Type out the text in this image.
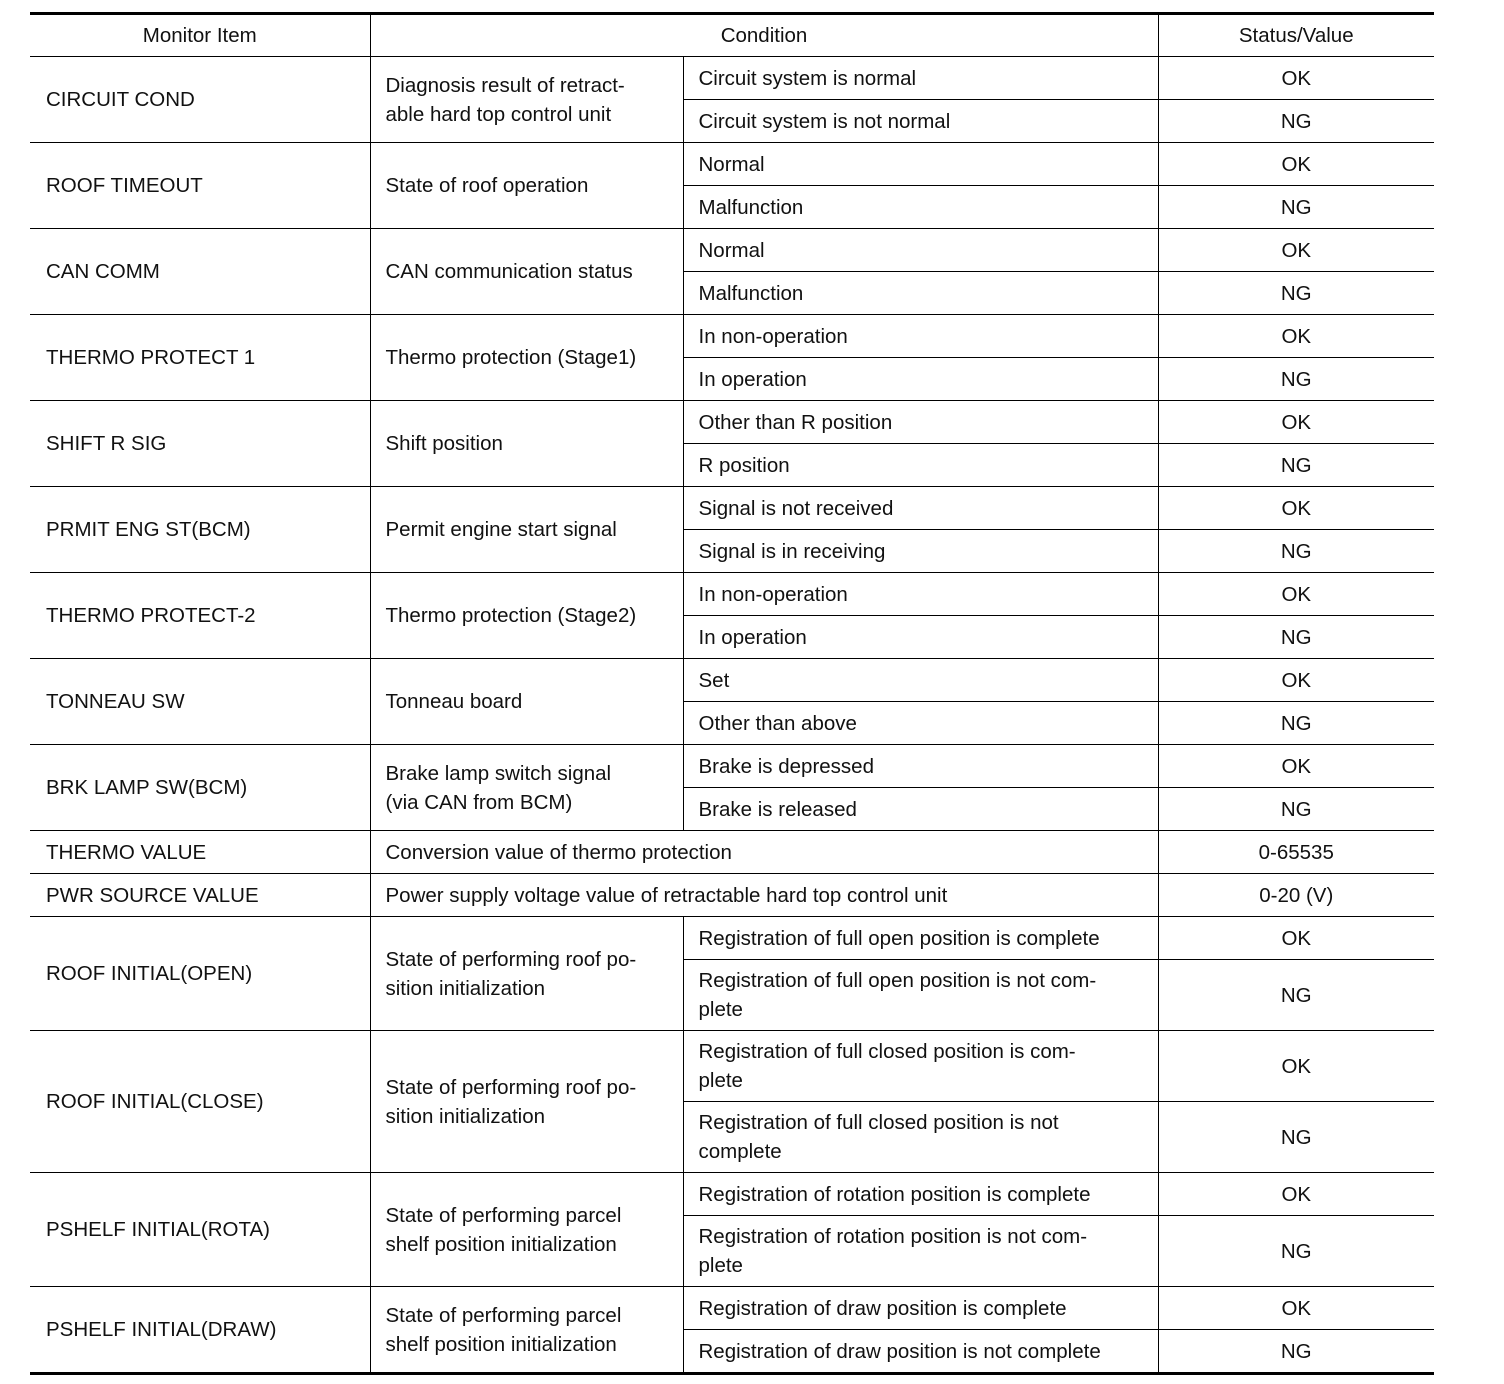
Monitor Item	Condition		Status/Value
CIRCUIT COND	Diagnosis result of retract-
able hard top control unit	Circuit system is normal	OK
		Circuit system is not normal	NG
ROOF TIMEOUT	State of roof operation	Normal	OK
		Malfunction	NG
CAN COMM	CAN communication status	Normal	OK
		Malfunction	NG
THERMO PROTECT 1	Thermo protection (Stage1)	In non-operation	OK
		In operation	NG
SHIFT R SIG	Shift position	Other than R position	OK
		R position	NG
PRMIT ENG ST(BCM)	Permit engine start signal	Signal is not received	OK
		Signal is in receiving	NG
THERMO PROTECT-2	Thermo protection (Stage2)	In non-operation	OK
		In operation	NG
TONNEAU SW	Tonneau board	Set	OK
		Other than above	NG
BRK LAMP SW(BCM)	Brake lamp switch signal
(via CAN from BCM)	Brake is depressed	OK
		Brake is released	NG
THERMO VALUE	Conversion value of thermo protection		0-65535
PWR SOURCE VALUE	Power supply voltage value of retractable hard top control unit		0-20 (V)
ROOF INITIAL(OPEN)	State of performing roof po-
sition initialization	Registration of full open position is complete	OK
		Registration of full open position is not com-
plete	NG
ROOF INITIAL(CLOSE)	State of performing roof po-
sition initialization	Registration of full closed position is com-
plete	OK
		Registration of full closed position is not
complete	NG
PSHELF INITIAL(ROTA)	State of performing parcel
shelf position initialization	Registration of rotation position is complete	OK
		Registration of rotation position is not com-
plete	NG
PSHELF INITIAL(DRAW)	State of performing parcel
shelf position initialization	Registration of draw position is complete	OK
		Registration of draw position is not complete	NG
